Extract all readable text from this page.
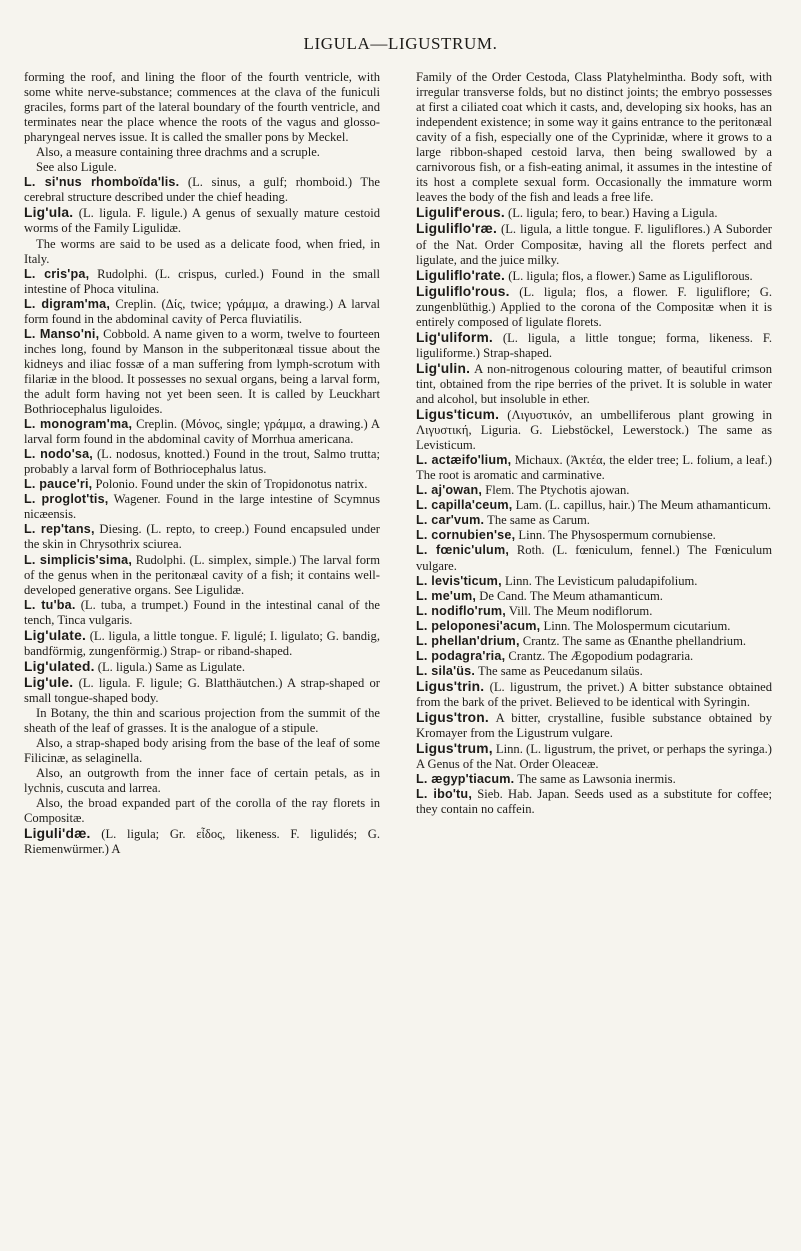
LIGULA—LIGUSTRUM.

forming the roof, and lining the floor of the fourth ventricle, with some white nerve-substance; commences at the clava of the funiculi graciles, forms part of the lateral boundary of the fourth ventricle, and terminates near the place whence the roots of the vagus and glosso-pharyngeal nerves issue. It is called the smaller pons by Meckel.

Also, a measure containing three drachms and a scruple.

See also Ligule.

L. si'nus rhomboïda'lis. (L. sinus, a gulf; rhomboid.) The cerebral structure described under the chief heading.

Lig'ula. (L. ligula. F. ligule.) A genus of sexually mature cestoid worms of the Family Ligulidæ.

The worms are said to be used as a delicate food, when fried, in Italy.

L. cris'pa, Rudolphi. (L. crispus, curled.) Found in the small intestine of Phoca vitulina.

L. digram'ma, Creplin. (Δίς, twice; γράμμα, a drawing.) A larval form found in the abdominal cavity of Perca fluviatilis.

L. Manso'ni, Cobbold. A name given to a worm, twelve to fourteen inches long, found by Manson in the subperitonæal tissue about the kidneys and iliac fossæ of a man suffering from lymph-scrotum with filariæ in the blood. It possesses no sexual organs, being a larval form, the adult form having not yet been seen. It is called by Leuckhart Bothriocephalus liguloides.

L. monogram'ma, Creplin. (Μόνος, single; γράμμα, a drawing.) A larval form found in the abdominal cavity of Morrhua americana.

L. nodo'sa, (L. nodosus, knotted.) Found in the trout, Salmo trutta; probably a larval form of Bothriocephalus latus.

L. pauce'ri, Polonio. Found under the skin of Tropidonotus natrix.

L. proglot'tis, Wagener. Found in the large intestine of Scymnus nicæensis.

L. rep'tans, Diesing. (L. repto, to creep.) Found encapsuled under the skin in Chrysothrix sciurea.

L. simplicis'sima, Rudolphi. (L. simplex, simple.) The larval form of the genus when in the peritonæal cavity of a fish; it contains well-developed generative organs. See Ligulidæ.

L. tu'ba. (L. tuba, a trumpet.) Found in the intestinal canal of the tench, Tinca vulgaris.

Lig'ulate. (L. ligula, a little tongue. F. ligulé; I. ligulato; G. bandig, bandförmig, zungenförmig.) Strap- or riband-shaped.

Lig'ulated. (L. ligula.) Same as Ligulate.

Lig'ule. (L. ligula. F. ligule; G. Blatthäutchen.) A strap-shaped or small tongue-shaped body.

In Botany, the thin and scarious projection from the summit of the sheath of the leaf of grasses. It is the analogue of a stipule.

Also, a strap-shaped body arising from the base of the leaf of some Filicinæ, as selaginella.

Also, an outgrowth from the inner face of certain petals, as in lychnis, cuscuta and larrea.

Also, the broad expanded part of the corolla of the ray florets in Compositæ.

Liguli'dæ. (L. ligula; Gr. εἶδος, likeness. F. ligulidés; G. Riemenwürmer.) A

Family of the Order Cestoda, Class Platyhelmintha. Body soft, with irregular transverse folds, but no distinct joints; the embryo possesses at first a ciliated coat which it casts, and, developing six hooks, has an independent existence; in some way it gains entrance to the peritonæal cavity of a fish, especially one of the Cyprinidæ, where it grows to a large ribbon-shaped cestoid larva, then being swallowed by a carnivorous fish, or a fish-eating animal, it assumes in the intestine of its host a complete sexual form. Occasionally the immature worm leaves the body of the fish and leads a free life.

Ligulif'erous. (L. ligula; fero, to bear.) Having a Ligula.

Liguliflo'ræ. (L. ligula, a little tongue. F. liguliflores.) A Suborder of the Nat. Order Compositæ, having all the florets perfect and ligulate, and the juice milky.

Liguliflo'rate. (L. ligula; flos, a flower.) Same as Liguliflorous.

Liguliflo'rous. (L. ligula; flos, a flower. F. liguliflore; G. zungenblüthig.) Applied to the corona of the Compositæ when it is entirely composed of ligulate florets.

Lig'uliform. (L. ligula, a little tongue; forma, likeness. F. liguliforme.) Strap-shaped.

Lig'ulin. A non-nitrogenous colouring matter, of beautiful crimson tint, obtained from the ripe berries of the privet. It is soluble in water and alcohol, but insoluble in ether.

Ligus'ticum. (Λιγυστικόν, an umbelliferous plant growing in Λιγυστική, Liguria. G. Liebstöckel, Lewerstock.) The same as Levisticum.

L. actæifo'lium, Michaux. (Ἀκτέα, the elder tree; L. folium, a leaf.) The root is aromatic and carminative.

L. aj'owan, Flem. The Ptychotis ajowan.

L. capilla'ceum, Lam. (L. capillus, hair.) The Meum athamanticum.

L. car'vum. The same as Carum.

L. cornubien'se, Linn. The Physospermum cornubiense.

L. fœnic'ulum, Roth. (L. fœniculum, fennel.) The Fœniculum vulgare.

L. levis'ticum, Linn. The Levisticum paludapifolium.

L. me'um, De Cand. The Meum athamanticum.

L. nodiflo'rum, Vill. The Meum nodiflorum.

L. peloponesi'acum, Linn. The Molospermum cicutarium.

L. phellan'drium, Crantz. The same as Œnanthe phellandrium.

L. podagra'ria, Crantz. The Ægopodium podagraria.

L. sila'üs. The same as Peucedanum silaüs.

Ligus'trin. (L. ligustrum, the privet.) A bitter substance obtained from the bark of the privet. Believed to be identical with Syringin.

Ligus'tron. A bitter, crystalline, fusible substance obtained by Kromayer from the Ligustrum vulgare.

Ligus'trum, Linn. (L. ligustrum, the privet, or perhaps the syringa.) A Genus of the Nat. Order Oleaceæ.

L. ægyp'tiacum. The same as Lawsonia inermis.

L. ibo'tu, Sieb. Hab. Japan. Seeds used as a substitute for coffee; they contain no caffein.
